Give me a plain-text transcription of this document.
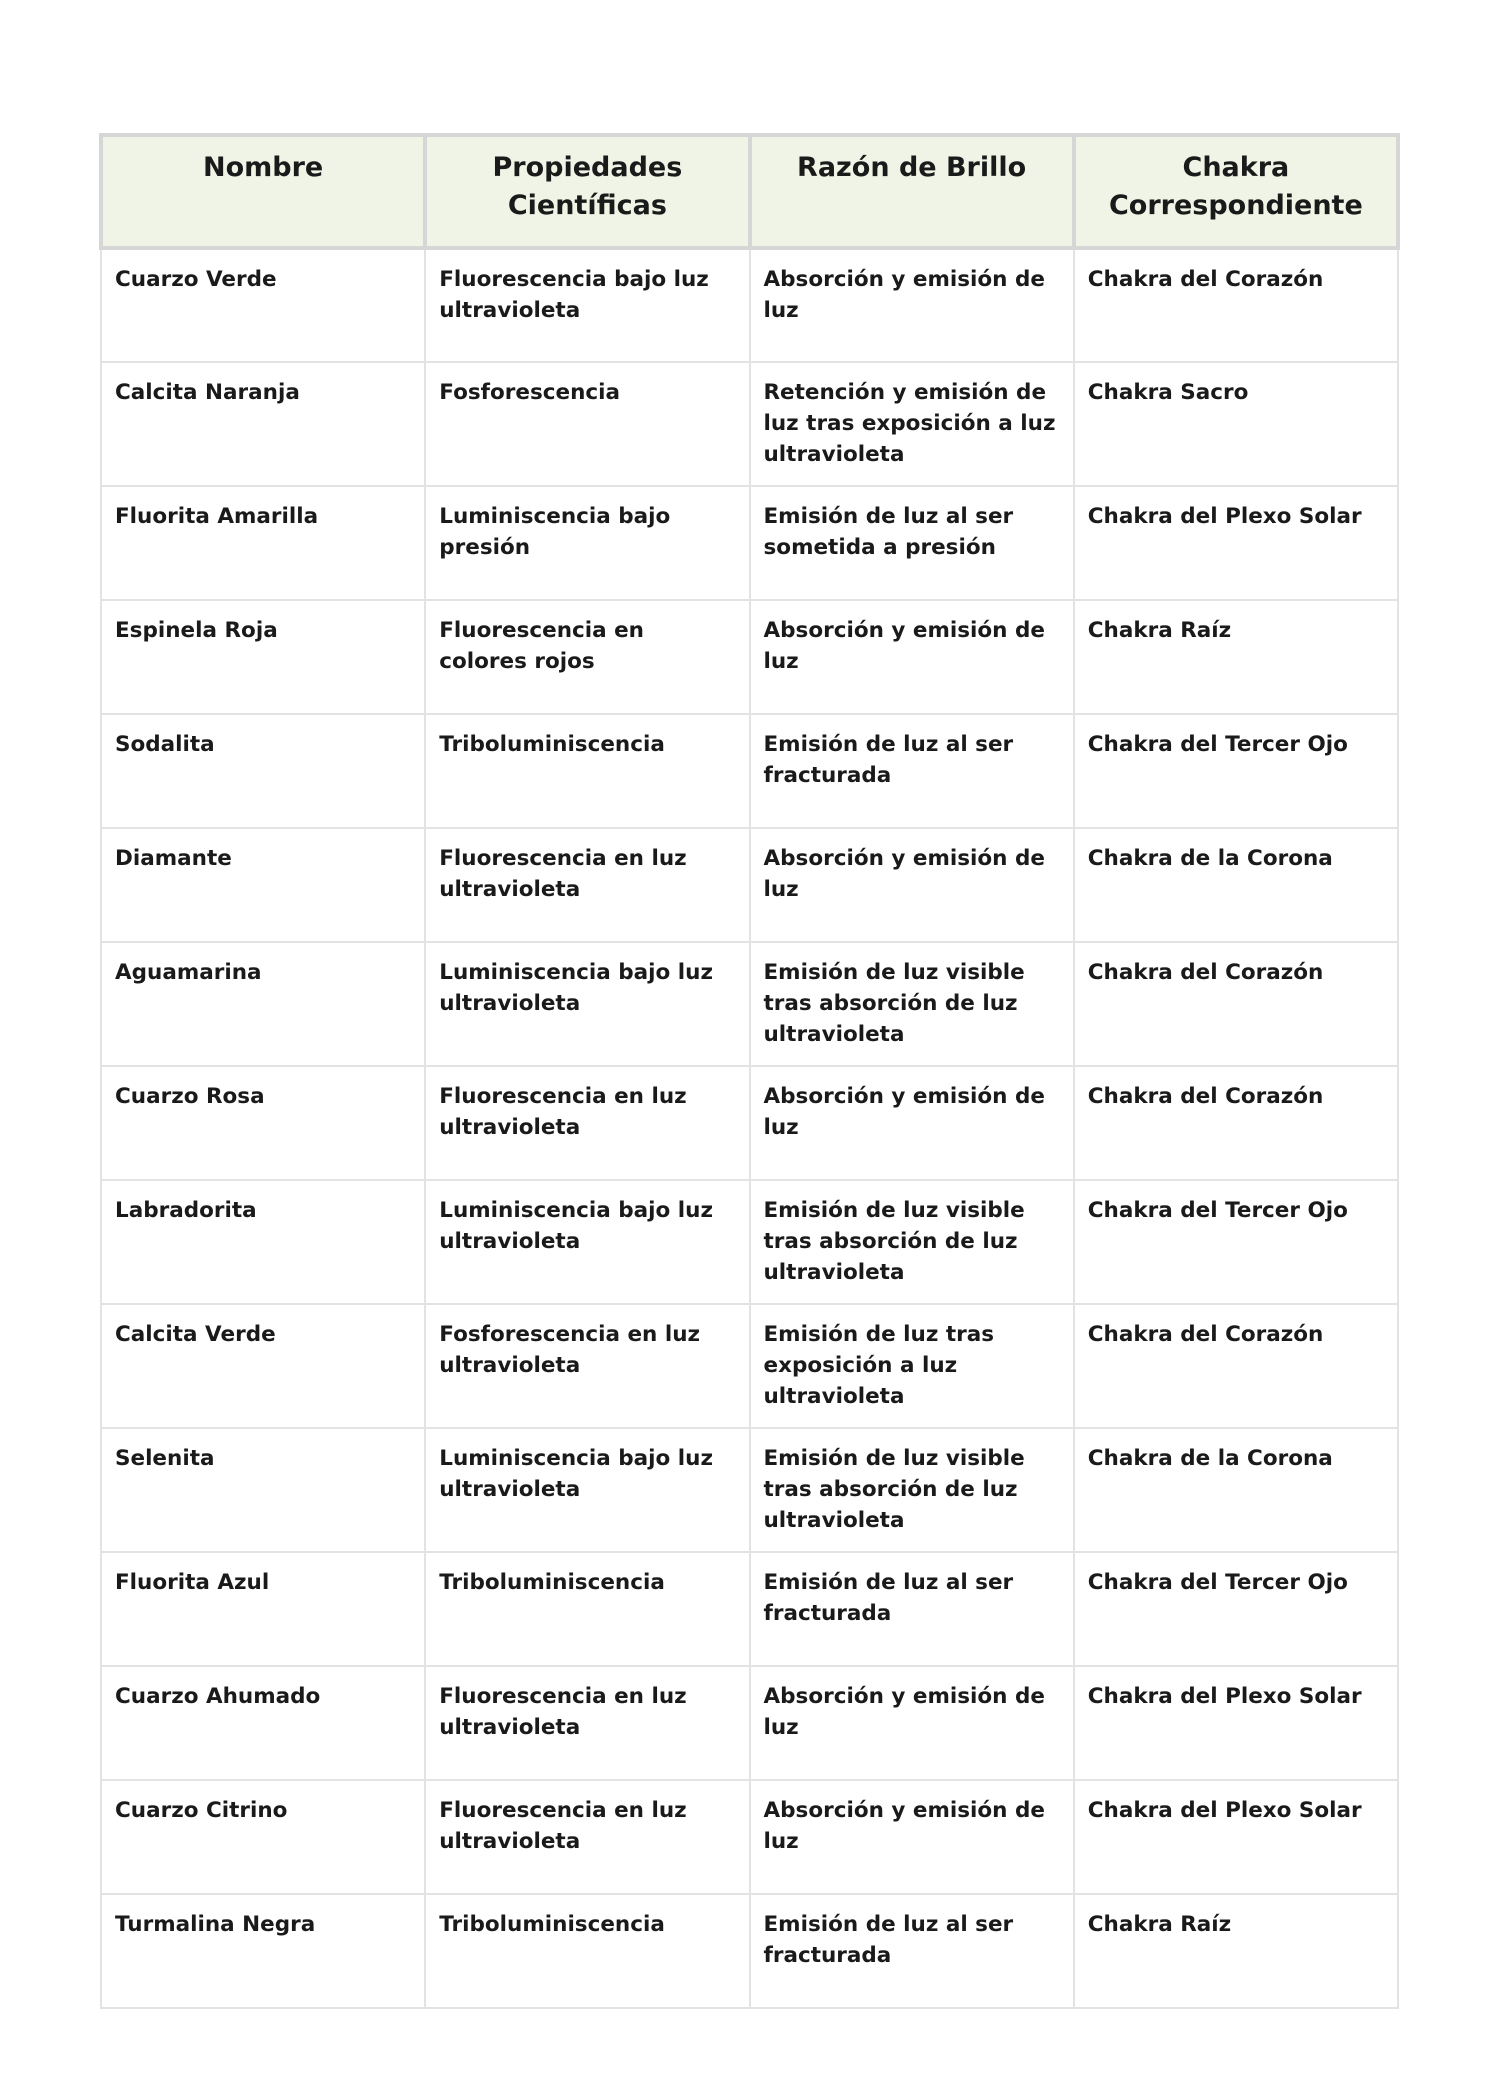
Nombre	Propiedades Científicas	Razón de Brillo	Chakra Correspondiente
Cuarzo Verde	Fluorescencia bajo luz ultravioleta	Absorción y emisión de luz	Chakra del Corazón
Calcita Naranja	Fosforescencia	Retención y emisión de luz tras exposición a luz ultravioleta	Chakra Sacro
Fluorita Amarilla	Luminiscencia bajo presión	Emisión de luz al ser sometida a presión	Chakra del Plexo Solar
Espinela Roja	Fluorescencia en colores rojos	Absorción y emisión de luz	Chakra Raíz
Sodalita	Triboluminiscencia	Emisión de luz al ser fracturada	Chakra del Tercer Ojo
Diamante	Fluorescencia en luz ultravioleta	Absorción y emisión de luz	Chakra de la Corona
Aguamarina	Luminiscencia bajo luz ultravioleta	Emisión de luz visible tras absorción de luz ultravioleta	Chakra del Corazón
Cuarzo Rosa	Fluorescencia en luz ultravioleta	Absorción y emisión de luz	Chakra del Corazón
Labradorita	Luminiscencia bajo luz ultravioleta	Emisión de luz visible tras absorción de luz ultravioleta	Chakra del Tercer Ojo
Calcita Verde	Fosforescencia en luz ultravioleta	Emisión de luz tras exposición a luz ultravioleta	Chakra del Corazón
Selenita	Luminiscencia bajo luz ultravioleta	Emisión de luz visible tras absorción de luz ultravioleta	Chakra de la Corona
Fluorita Azul	Triboluminiscencia	Emisión de luz al ser fracturada	Chakra del Tercer Ojo
Cuarzo Ahumado	Fluorescencia en luz ultravioleta	Absorción y emisión de luz	Chakra del Plexo Solar
Cuarzo Citrino	Fluorescencia en luz ultravioleta	Absorción y emisión de luz	Chakra del Plexo Solar
Turmalina Negra	Triboluminiscencia	Emisión de luz al ser fracturada	Chakra Raíz
